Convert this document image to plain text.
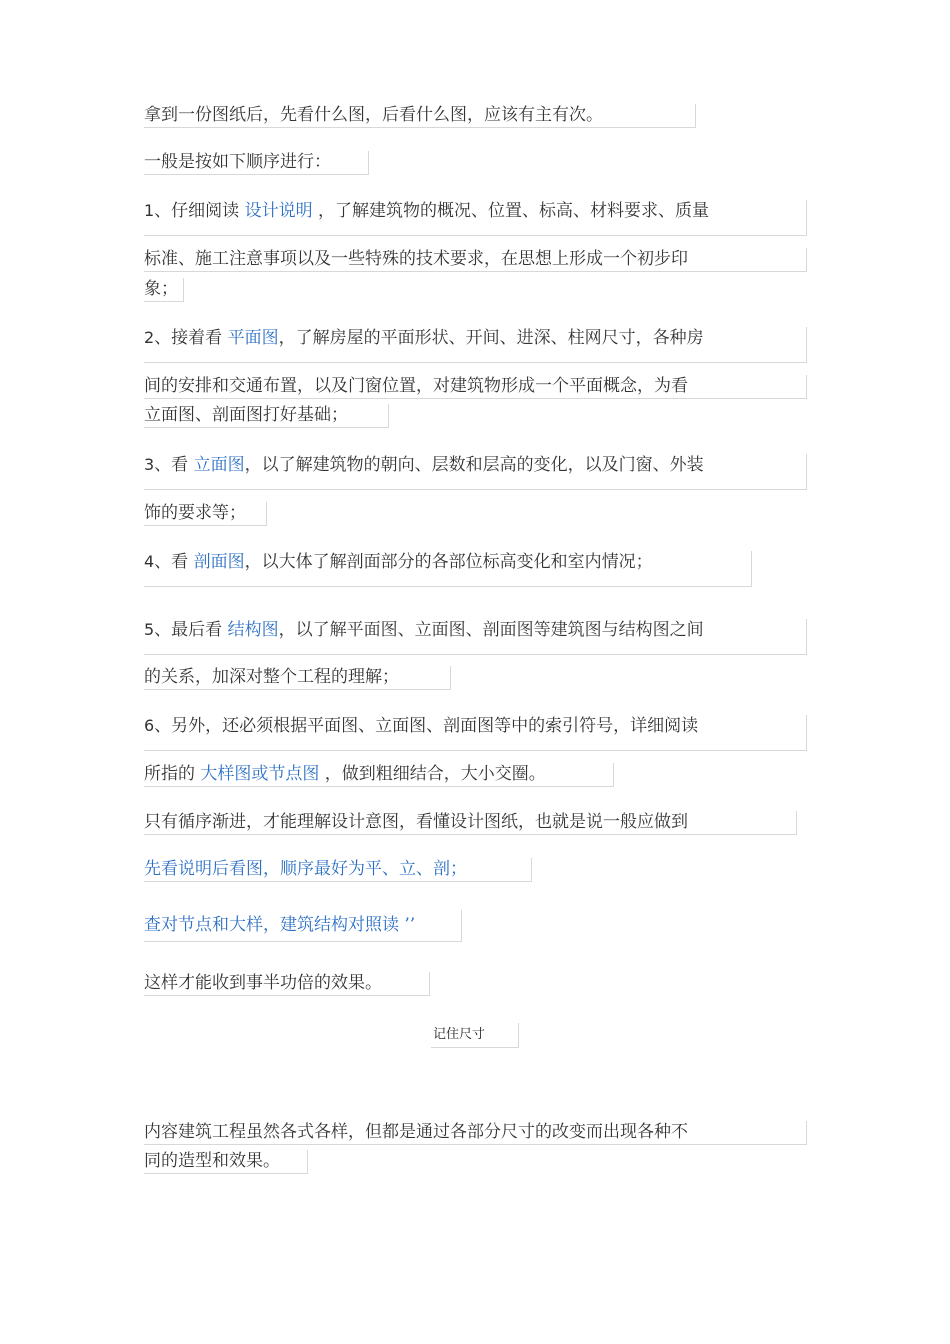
拿到一份图纸后，先看什么图，后看什么图，应该有主有次。
一般是按如下顺序进行：
1、仔细阅读 设计说明 ，了解建筑物的概况、位置、标高、材料要求、质量
标准、施工注意事项以及一些特殊的技术要求，在思想上形成一个初步印
象；
2、接着看 平面图，了解房屋的平面形状、开间、进深、柱网尺寸，各种房
间的安排和交通布置，以及门窗位置，对建筑物形成一个平面概念，为看
立面图、剖面图打好基础；
3、看 立面图，以了解建筑物的朝向、层数和层高的变化，以及门窗、外装
饰的要求等；
4、看 剖面图，以大体了解剖面部分的各部位标高变化和室内情况；
5、最后看 结构图，以了解平面图、立面图、剖面图等建筑图与结构图之间
的关系，加深对整个工程的理解；
6、另外，还必须根据平面图、立面图、剖面图等中的索引符号，详细阅读
所指的 大样图或节点图 ，做到粗细结合，大小交圈。
只有循序渐进，才能理解设计意图，看懂设计图纸，也就是说一般应做到
先看说明后看图，顺序最好为平、立、剖；
查对节点和大样，建筑结构对照读 ’’
这样才能收到事半功倍的效果。
记住尺寸
内容建筑工程虽然各式各样，但都是通过各部分尺寸的改变而出现各种不
同的造型和效果。
